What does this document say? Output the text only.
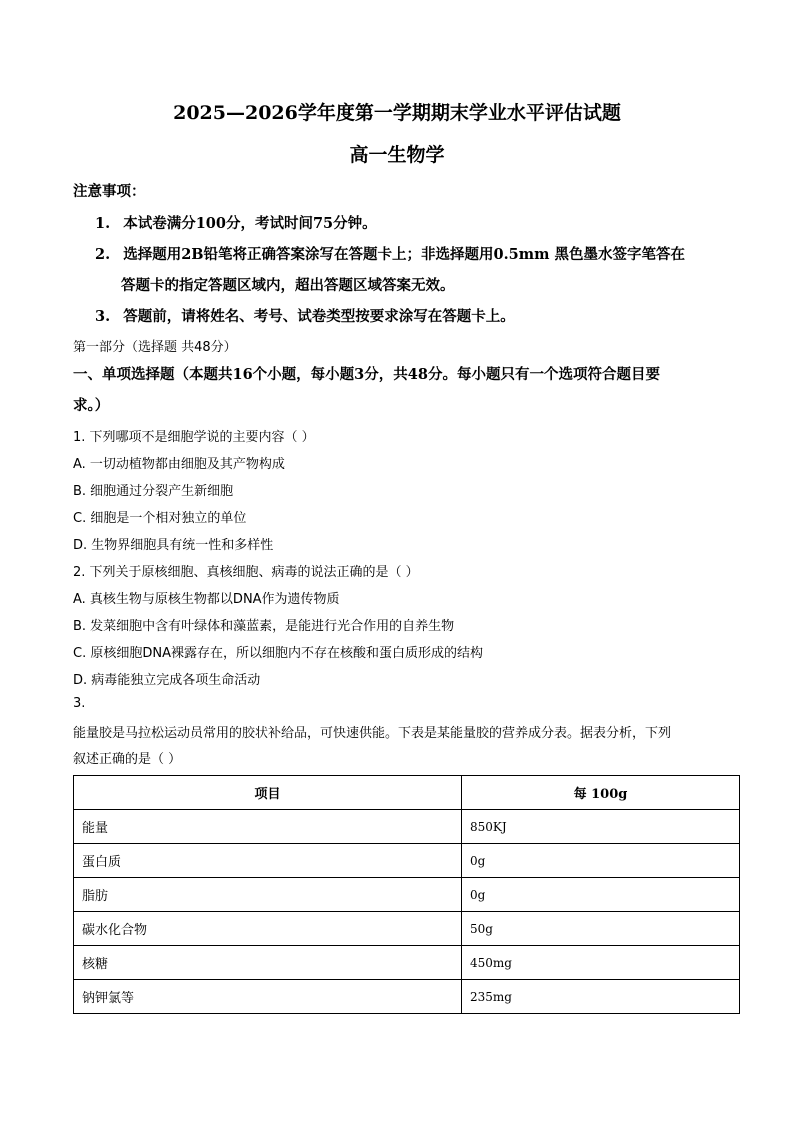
2025—2026学年度第一学期期末学业水平评估试题
高一生物学
注意事项：
1. 本试卷满分100分，考试时间75分钟。
2. 选择题用2B铅笔将正确答案涂写在答题卡上；非选择题用0.5mm 黑色墨水签字笔答在
答题卡的指定答题区域内，超出答题区域答案无效。
3. 答题前，请将姓名、考号、试卷类型按要求涂写在答题卡上。
第一部分（选择题 共48分）
一、单项选择题（本题共16个小题，每小题3分，共48分。每小题只有一个选项符合题目要
求。）
1. 下列哪项不是细胞学说的主要内容（ ）
A. 一切动植物都由细胞及其产物构成
B. 细胞通过分裂产生新细胞
C. 细胞是一个相对独立的单位
D. 生物界细胞具有统一性和多样性
2. 下列关于原核细胞、真核细胞、病毒的说法正确的是（ ）
A. 真核生物与原核生物都以DNA作为遗传物质
B. 发菜细胞中含有叶绿体和藻蓝素，是能进行光合作用的自养生物
C. 原核细胞DNA裸露存在，所以细胞内不存在核酸和蛋白质形成的结构
D. 病毒能独立完成各项生命活动
3.
能量胶是马拉松运动员常用的胶状补给品，可快速供能。下表是某能量胶的营养成分表。据表分析，下列
叙述正确的是（ ）
项目	每 100g
能量	850KJ
蛋白质	0g
脂肪	0g
碳水化合物	50g
核糖	450mg
钠钾氯等	235mg
